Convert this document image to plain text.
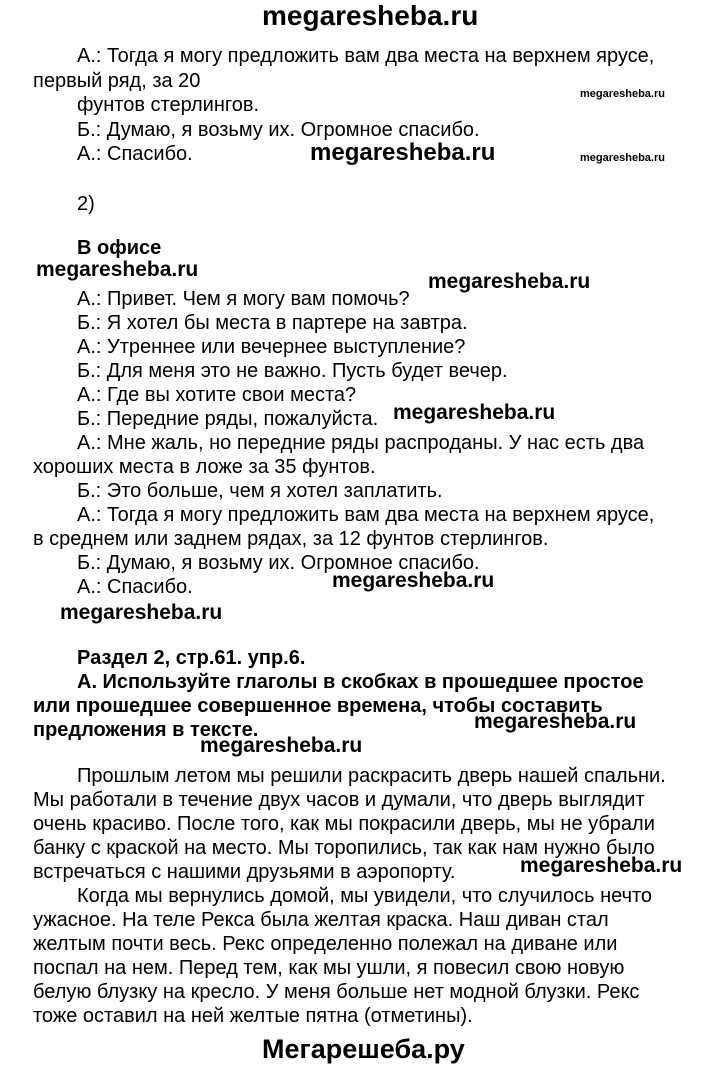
megaresheba.ru
А.: Тогда я могу предложить вам два места на верхнем ярусе,
первый ряд, за 20
фунтов стерлингов.
Б.: Думаю, я возьму их. Огромное спасибо.
А.: Спасибо.
2)
В офисе
А.: Привет. Чем я могу вам помочь?
Б.: Я хотел бы места в партере на завтра.
А.: Утреннее или вечернее выступление?
Б.: Для меня это не важно. Пусть будет вечер.
А.: Где вы хотите свои места?
Б.: Передние ряды, пожалуйста.
А.: Мне жаль, но передние ряды распроданы. У нас есть два
хороших места в ложе за 35 фунтов.
Б.: Это больше, чем я хотел заплатить.
А.: Тогда я могу предложить вам два места на верхнем ярусе,
в среднем или заднем рядах, за 12 фунтов стерлингов.
Б.: Думаю, я возьму их. Огромное спасибо.
А.: Спасибо.
Раздел 2, стр.61. упр.6.
А. Используйте глаголы в скобках в прошедшее простое
или прошедшее совершенное времена, чтобы составить
предложения в тексте.
Прошлым летом мы решили раскрасить дверь нашей спальни.
Мы работали в течение двух часов и думали, что дверь выглядит
очень красиво. После того, как мы покрасили дверь, мы не убрали
банку с краской на место. Мы торопились, так как нам нужно было
встречаться с нашими друзьями в аэропорту.
Когда мы вернулись домой, мы увидели, что случилось нечто
ужасное. На теле Рекса была желтая краска. Наш диван стал
желтым почти весь. Рекс определенно полежал на диване или
поспал на нем. Перед тем, как мы ушли, я повесил свою новую
белую блузку на кресло. У меня больше нет модной блузки. Рекс
тоже оставил на ней желтые пятна (отметины).
megaresheba.ru
megaresheba.ru	megaresheba.ru
megaresheba.ru
megaresheba.ru
megaresheba.ru
megaresheba.ru
megaresheba.ru
megaresheba.ru
megaresheba.ru
megaresheba.ru
Мегарешеба.ру
